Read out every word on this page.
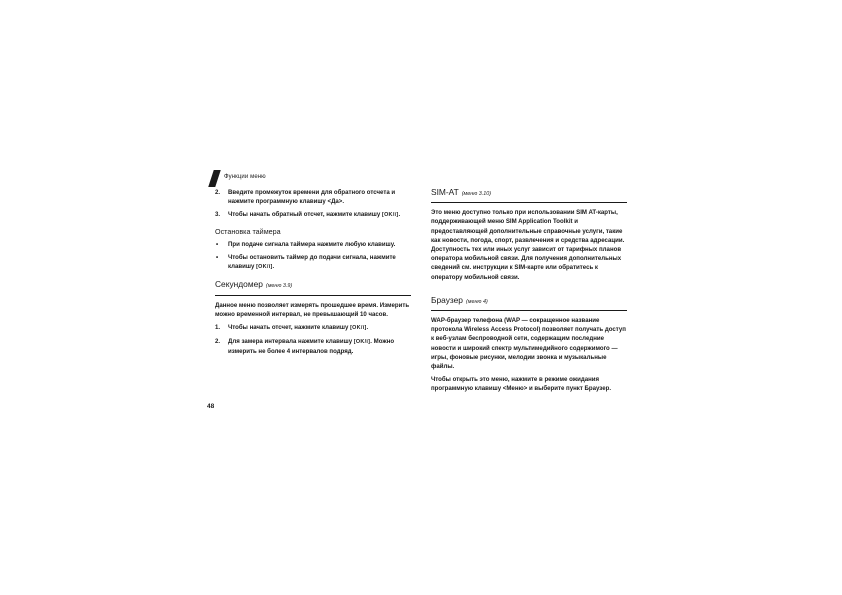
Функции меню
2. Введите промежуток времени для обратного отсчета и нажмите программную клавишу <Да>.
3. Чтобы начать обратный отсчет, нажмите клавишу [OK/i].
Остановка таймера
• При подаче сигнала таймера нажмите любую клавишу.
• Чтобы остановить таймер до подачи сигнала, нажмите клавишу [OK/i].
Секундомер (меню 3.9)
Данное меню позволяет измерять прошедшее время. Измерить можно временной интервал, не превышающий 10 часов.
1. Чтобы начать отсчет, нажмите клавишу [OK/i].
2. Для замера интервала нажмите клавишу [OK/i]. Можно измерить не более 4 интервалов подряд.
SIM-AT (меню 3.10)
Это меню доступно только при использовании SIM AT-карты, поддерживающей меню SIM Application Toolkit и предоставляющей дополнительные справочные услуги, такие как новости, погода, спорт, развлечения и средства адресации. Доступность тех или иных услуг зависит от тарифных планов оператора мобильной связи. Для получения дополнительных сведений см. инструкции к SIM-карте или обратитесь к оператору мобильной связи.
Браузер (меню 4)
WAP-браузер телефона (WAP — сокращенное название протокола Wireless Access Protocol) позволяет получать доступ к веб-узлам беспроводной сети, содержащим последние новости и широкий спектр мультимедийного содержимого — игры, фоновые рисунки, мелодии звонка и музыкальные файлы.
Чтобы открыть это меню, нажмите в режиме ожидания программную клавишу <Меню> и выберите пункт Браузер.
48
